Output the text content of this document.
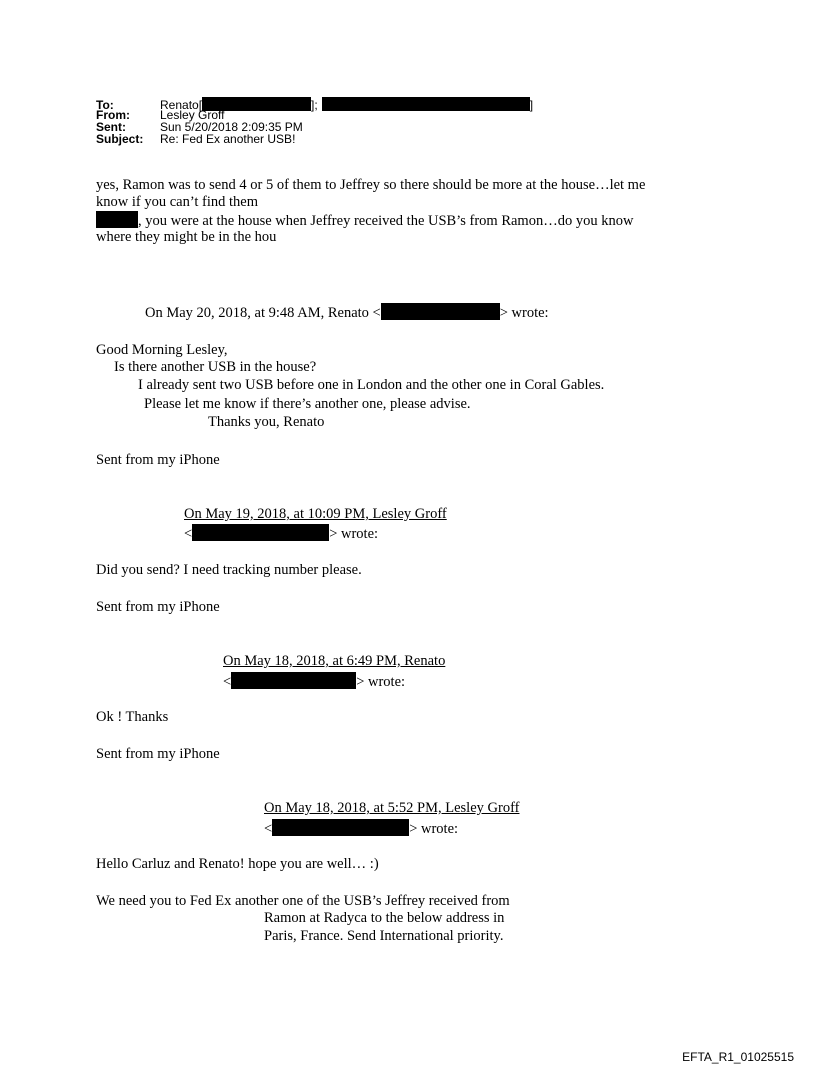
To:	Renato[	];	]
From:	Lesley Groff
Sent:	Sun 5/20/2018 2:09:35 PM
Subject: Re: Fed Ex another USB!
yes, Ramon was to send 4 or 5 of them to Jeffrey so there should be more at the house…let me
know if you can’t find them
, you were at the house when Jeffrey received the USB’s from Ramon…do you know
where they might be in the hou
On May 20, 2018, at 9:48 AM, Renato <	> wrote:
Good Morning Lesley,
Is there another USB in the house?
I already sent two USB before one in London and the other one in Coral Gables.
Please let me know if there’s another one, please advise.
Thanks you, Renato
Sent from my iPhone
On May 19, 2018, at 10:09 PM, Lesley Groff
<	> wrote:
Did you send? I need tracking number please.
Sent from my iPhone
On May 18, 2018, at 6:49 PM, Renato
<	> wrote:
Ok ! Thanks
Sent from my iPhone
On May 18, 2018, at 5:52 PM, Lesley Groff
<	> wrote:
Hello Carluz and Renato! hope you are well… :)
We need you to Fed Ex another one of the USB’s Jeffrey received from
Ramon at Radyca to the below address in
Paris, France. Send International priority.
EFTA_R1_01025515
